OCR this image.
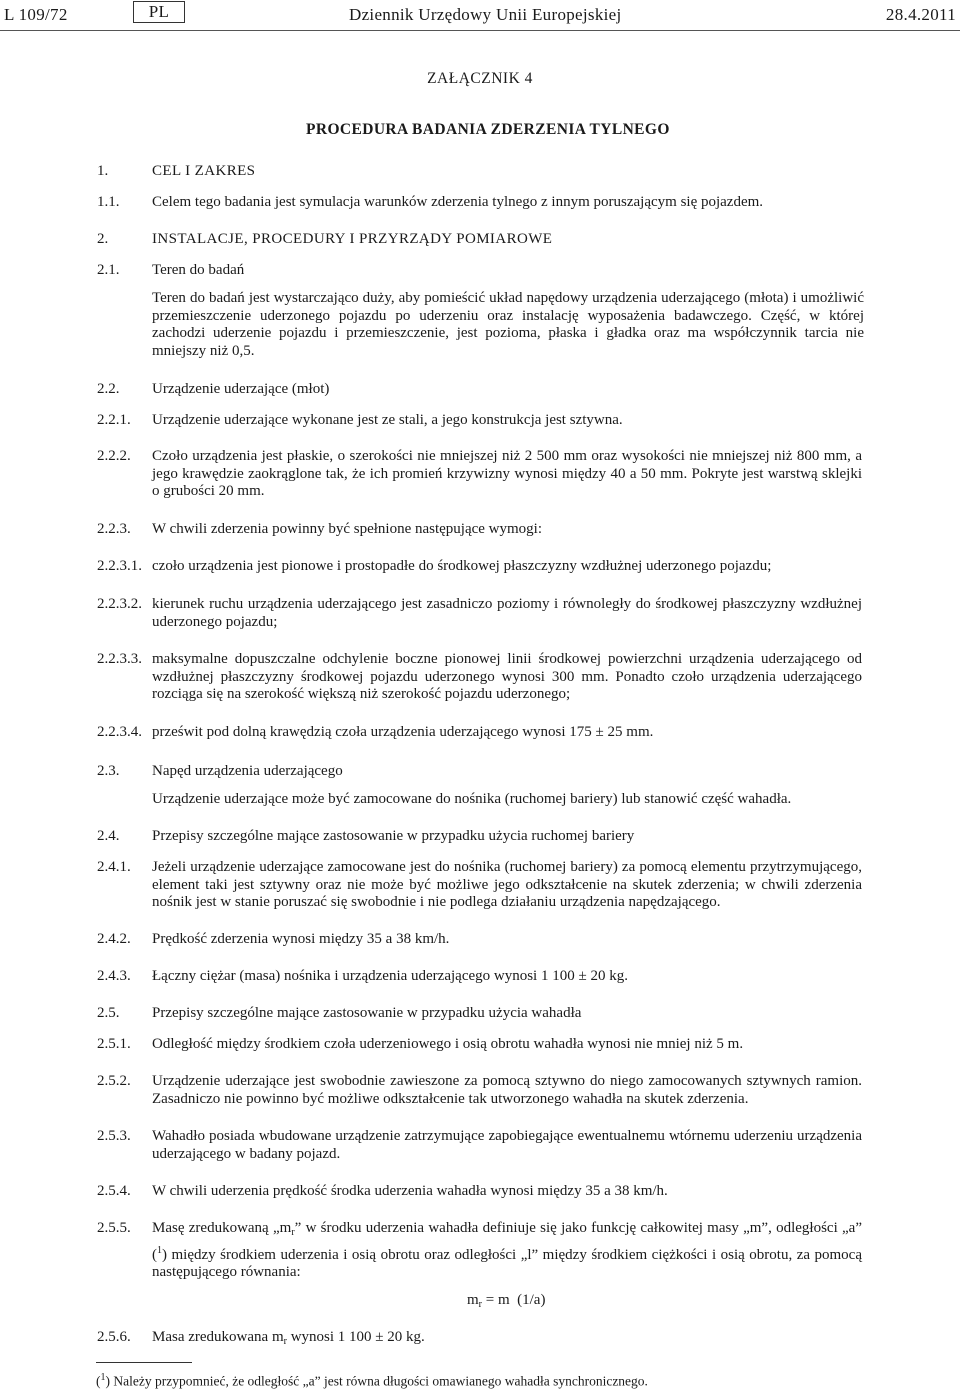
L 109/72	PL	Dziennik Urzędowy Unii Europejskiej	28.4.2011
ZAŁĄCZNIK 4
PROCEDURA BADANIA ZDERZENIA TYLNEGO
1.	CEL I ZAKRES
1.1. Celem tego badania jest symulacja warunków zderzenia tylnego z innym poruszającym się pojazdem.
2.	INSTALACJE, PROCEDURY I PRZYRZĄDY POMIAROWE
2.1. Teren do badań
Teren do badań jest wystarczająco duży, aby pomieścić układ napędowy urządzenia uderzającego (młota) i umożliwić przemieszczenie uderzonego pojazdu po uderzeniu oraz instalację wyposażenia badawczego. Część, w której zachodzi uderzenie pojazdu i przemieszczenie, jest pozioma, płaska i gładka oraz ma współczynnik tarcia nie mniejszy niż 0,5.
2.2. Urządzenie uderzające (młot)
2.2.1. Urządzenie uderzające wykonane jest ze stali, a jego konstrukcja jest sztywna.
2.2.2. Czoło urządzenia jest płaskie, o szerokości nie mniejszej niż 2 500 mm oraz wysokości nie mniejszej niż 800 mm, a jego krawędzie zaokrąglone tak, że ich promień krzywizny wynosi między 40 a 50 mm. Pokryte jest warstwą sklejki o grubości 20 mm.
2.2.3. W chwili zderzenia powinny być spełnione następujące wymogi:
2.2.3.1. czoło urządzenia jest pionowe i prostopadłe do środkowej płaszczyzny wzdłużnej uderzonego pojazdu;
2.2.3.2. kierunek ruchu urządzenia uderzającego jest zasadniczo poziomy i równoległy do środkowej płaszczyzny wzdłużnej uderzonego pojazdu;
2.2.3.3. maksymalne dopuszczalne odchylenie boczne pionowej linii środkowej powierzchni urządzenia uderzającego od wzdłużnej płaszczyzny środkowej pojazdu uderzonego wynosi 300 mm. Ponadto czoło urządzenia uderzającego rozciąga się na szerokość większą niż szerokość pojazdu uderzonego;
2.2.3.4. prześwit pod dolną krawędzią czoła urządzenia uderzającego wynosi 175 ± 25 mm.
2.3. Napęd urządzenia uderzającego
Urządzenie uderzające może być zamocowane do nośnika (ruchomej bariery) lub stanowić część wahadła.
2.4. Przepisy szczególne mające zastosowanie w przypadku użycia ruchomej bariery
2.4.1. Jeżeli urządzenie uderzające zamocowane jest do nośnika (ruchomej bariery) za pomocą elementu przytrzymującego, element taki jest sztywny oraz nie może być możliwe jego odkształcenie na skutek zderzenia; w chwili zderzenia nośnik jest w stanie poruszać się swobodnie i nie podlega działaniu urządzenia napędzającego.
2.4.2. Prędkość zderzenia wynosi między 35 a 38 km/h.
2.4.3. Łączny ciężar (masa) nośnika i urządzenia uderzającego wynosi 1 100 ± 20 kg.
2.5. Przepisy szczególne mające zastosowanie w przypadku użycia wahadła
2.5.1. Odległość między środkiem czoła uderzeniowego i osią obrotu wahadła wynosi nie mniej niż 5 m.
2.5.2. Urządzenie uderzające jest swobodnie zawieszone za pomocą sztywno do niego zamocowanych sztywnych ramion. Zasadniczo nie powinno być możliwe odkształcenie tak utworzonego wahadła na skutek zderzenia.
2.5.3. Wahadło posiada wbudowane urządzenie zatrzymujące zapobiegające ewentualnemu wtórnemu uderzeniu urządzenia uderzającego w badany pojazd.
2.5.4. W chwili uderzenia prędkość środka uderzenia wahadła wynosi między 35 a 38 km/h.
2.5.5. Masę zredukowaną $„m_r$” w środku uderzenia wahadła definiuje się jako funkcję całkowitej masy „m”, odległości „a” ($^1$) między środkiem uderzenia i osią obrotu oraz odległości „l” między środkiem ciężkości i osią obrotu, za pomocą następującego równania:
$m_r = m$  (1/a)
2.5.6. Masa zredukowana $m_r$ wynosi 1 100 ± 20 kg.
($^1$) Należy przypomnieć, że odległość „a” jest równa długości omawianego wahadła synchronicznego.
